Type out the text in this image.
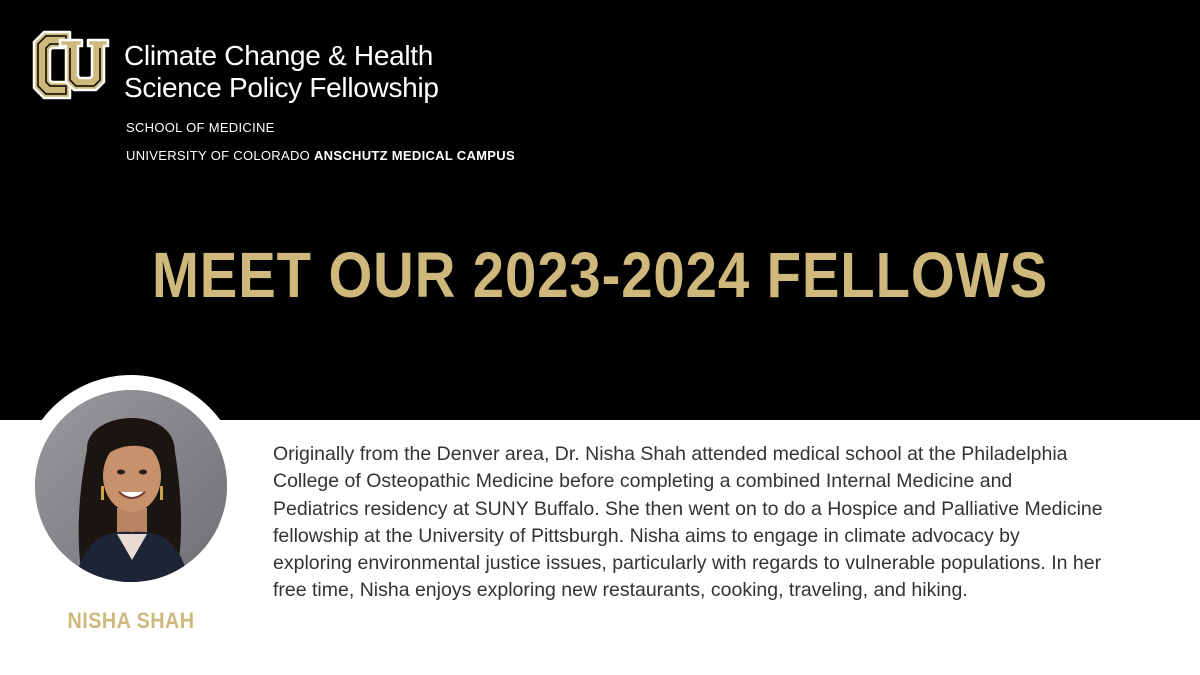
Climate Change & Health
Science Policy Fellowship
SCHOOL OF MEDICINE
UNIVERSITY OF COLORADO ANSCHUTZ MEDICAL CAMPUS
MEET OUR 2023-2024 FELLOWS
NISHA SHAH
Originally from the Denver area, Dr. Nisha Shah attended medical school at the Philadelphia College of Osteopathic Medicine before completing a combined Internal Medicine and Pediatrics residency at SUNY Buffalo. She then went on to do a Hospice and Palliative Medicine fellowship at the University of Pittsburgh. Nisha aims to engage in climate advocacy by exploring environmental justice issues, particularly with regards to vulnerable populations. In her free time, Nisha enjoys exploring new restaurants, cooking, traveling, and hiking.
